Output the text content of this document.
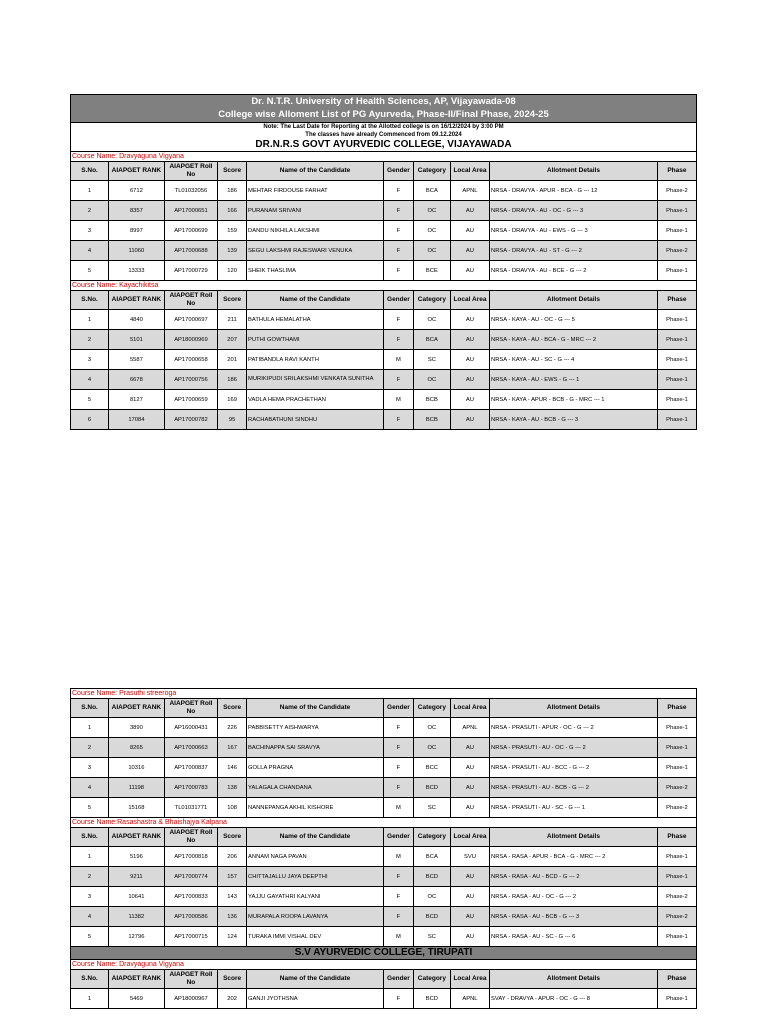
Dr. N.T.R. University of Health Sciences, AP, Vijayawada-08
College wise Alloment List of PG Ayurveda, Phase-II/Final Phase, 2024-25
Note: The Last Date for Reporting at the Allotted college is on 16/12/2024 by 3:00 PM
The classes have already Commenced from 09.12.2024
DR.N.R.S GOVT AYURVEDIC COLLEGE, VIJAYAWADA
Course Name: Dravyaguna Vigyana
S.No.	AIAPGET RANK	AIAPGET Roll No	Score	Name of the Candidate	Gender	Category	Local Area	Allotment Details	Phase
1	6712	TL01032056	186	MEHTAR FIRDOUSE FARHAT	F	BCA	APNL	NRSA - DRAVYA - APUR - BCA - G --- 12	Phase-2
2	8357	AP17000651	166	PURANAM SRIVANI	F	OC	AU	NRSA - DRAVYA - AU - OC - G --- 3	Phase-1
3	8997	AP17000699	159	DANDU NIKHILA LAKSHMI	F	OC	AU	NRSA - DRAVYA - AU - EWS - G --- 3	Phase-1
4	11060	AP17000688	139	SEGU LAKSHMI RAJESWARI VENUKA	F	OC	AU	NRSA - DRAVYA - AU - ST - G --- 2	Phase-2
5	13333	AP17000729	120	SHEIK THASLIMA	F	BCE	AU	NRSA - DRAVYA - AU - BCE - G --- 2	Phase-1
Course Name: Kayachikitsa
S.No.	AIAPGET RANK	AIAPGET Roll No	Score	Name of the Candidate	Gender	Category	Local Area	Allotment Details	Phase
1	4840	AP17000697	211	BATHULA HEMALATHA	F	OC	AU	NRSA - KAYA - AU - OC - G --- 5	Phase-1
2	5101	AP18000969	207	PUTHI GOWTHAMI	F	BCA	AU	NRSA - KAYA - AU - BCA - G - MRC --- 2	Phase-1
3	5587	AP17000658	201	PATIBANDLA RAVI KANTH	M	SC	AU	NRSA - KAYA - AU - SC - G --- 4	Phase-1
4	6678	AP17000756	186	MURIKIPUDI SRILAKSHMI VENKATA SUNITHA	F	OC	AU	NRSA - KAYA - AU - EWS - G --- 1	Phase-1
5	8127	AP17000659	169	VADLA HEMA PRACHETHAN	M	BCB	AU	NRSA - KAYA - APUR - BCB - G - MRC --- 1	Phase-1
6	17084	AP17000782	95	RACHABATHUNI SINDHU	F	BCB	AU	NRSA - KAYA - AU - BCB - G --- 3	Phase-1
Course Name: Prasuthi streeroga
S.No.	AIAPGET RANK	AIAPGET Roll No	Score	Name of the Candidate	Gender	Category	Local Area	Allotment Details	Phase
1	3890	AP16000431	226	PABBISETTY AISHWARYA	F	OC	APNL	NRSA - PRASUTI - APUR - OC - G --- 2	Phase-1
2	8265	AP17000663	167	BACHINAPPA SAI SRAVYA	F	OC	AU	NRSA - PRASUTI - AU - OC - G --- 2	Phase-1
3	10316	AP17000837	146	GOLLA PRAGNA	F	BCC	AU	NRSA - PRASUTI - AU - BCC - G --- 2	Phase-1
4	11198	AP17000783	138	YALAGALA CHANDANA	F	BCD	AU	NRSA - PRASUTI - AU - BCB - G --- 2	Phase-2
5	15168	TL01031771	108	NANNEPANGA AKHIL KISHORE	M	SC	AU	NRSA - PRASUTI - AU - SC - G --- 1	Phase-2
Course Name:Rasashastra & Bhaishajya Kalpana
S.No.	AIAPGET RANK	AIAPGET Roll No	Score	Name of the Candidate	Gender	Category	Local Area	Allotment Details	Phase
1	5196	AP17000818	206	ANNAM NAGA PAVAN	M	BCA	SVU	NRSA - RASA - APUR - BCA - G - MRC --- 2	Phase-1
2	9211	AP17000774	157	CHITTAJALLU JAYA DEEPTHI	F	BCD	AU	NRSA - RASA - AU - BCD - G --- 2	Phase-1
3	10641	AP17000833	143	YAJJU GAYATHRI KALYANI	F	OC	AU	NRSA - RASA - AU - OC - G --- 2	Phase-2
4	11382	AP17000586	136	MURAPALA ROOPA LAVANYA	F	BCD	AU	NRSA - RASA - AU - BCB - G --- 3	Phase-2
5	12796	AP17000715	124	TURAKA IMMI VISHAL DEV	M	SC	AU	NRSA - RASA - AU - SC - G --- 6	Phase-1
S.V AYURVEDIC COLLEGE, TIRUPATI
Course Name: Dravyaguna Vigyana
S.No.	AIAPGET RANK	AIAPGET Roll No	Score	Name of the Candidate	Gender	Category	Local Area	Allotment Details	Phase
1	5469	AP18000967	202	GANJI JYOTHSNA	F	BCD	APNL	SVAY - DRAVYA - APUR - OC - G --- 8	Phase-1
